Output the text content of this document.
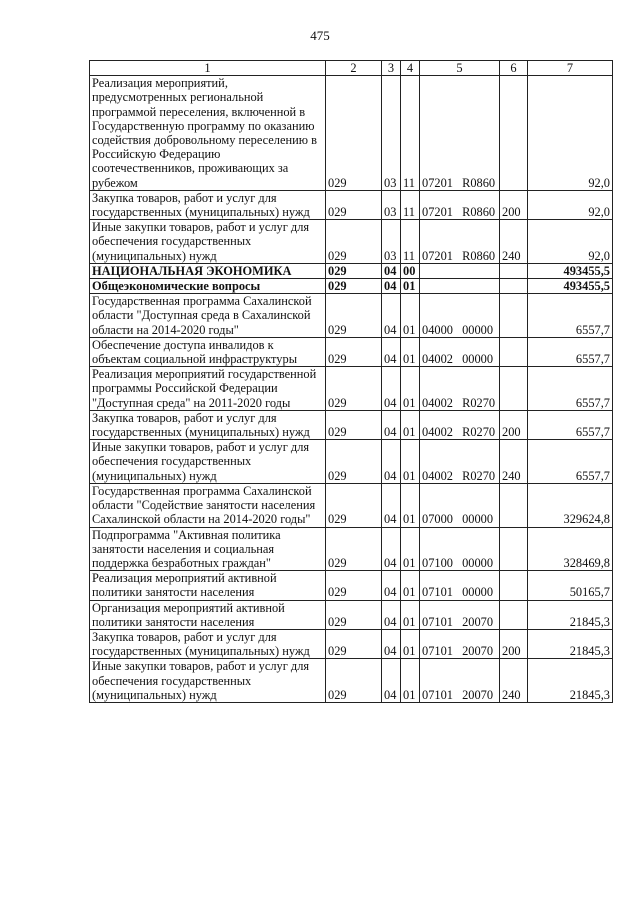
475
1	2	3	4	5	6	7
Реализация мероприятий, предусмотренных региональной программой переселения, включенной в Государственную программу по оказанию содействия добровольному переселению в Российскую Федерацию соотечественников, проживающих за рубежом	029	03	11	07201 R0860		92,0
Закупка товаров, работ и услуг для государственных (муниципальных) нужд	029	03	11	07201 R0860	200	92,0
Иные закупки товаров, работ и услуг для обеспечения государственных (муниципальных) нужд	029	03	11	07201 R0860	240	92,0
НАЦИОНАЛЬНАЯ ЭКОНОМИКА	029	04	00			493455,5
Общеэкономические вопросы	029	04	01			493455,5
Государственная программа Сахалинской области "Доступная среда в Сахалинской области на 2014-2020 годы"	029	04	01	04000 00000		6557,7
Обеспечение доступа инвалидов к объектам социальной инфраструктуры	029	04	01	04002 00000		6557,7
Реализация мероприятий государственной программы Российской Федерации "Доступная среда" на 2011-2020 годы	029	04	01	04002 R0270		6557,7
Закупка товаров, работ и услуг для государственных (муниципальных) нужд	029	04	01	04002 R0270	200	6557,7
Иные закупки товаров, работ и услуг для обеспечения государственных (муниципальных) нужд	029	04	01	04002 R0270	240	6557,7
Государственная программа Сахалинской области "Содействие занятости населения Сахалинской области на 2014-2020 годы"	029	04	01	07000 00000		329624,8
Подпрограмма "Активная политика занятости населения и социальная поддержка безработных граждан"	029	04	01	07100 00000		328469,8
Реализация мероприятий активной политики занятости населения	029	04	01	07101 00000		50165,7
Организация мероприятий активной политики занятости населения	029	04	01	07101 20070		21845,3
Закупка товаров, работ и услуг для государственных (муниципальных) нужд	029	04	01	07101 20070	200	21845,3
Иные закупки товаров, работ и услуг для обеспечения государственных (муниципальных) нужд	029	04	01	07101 20070	240	21845,3
